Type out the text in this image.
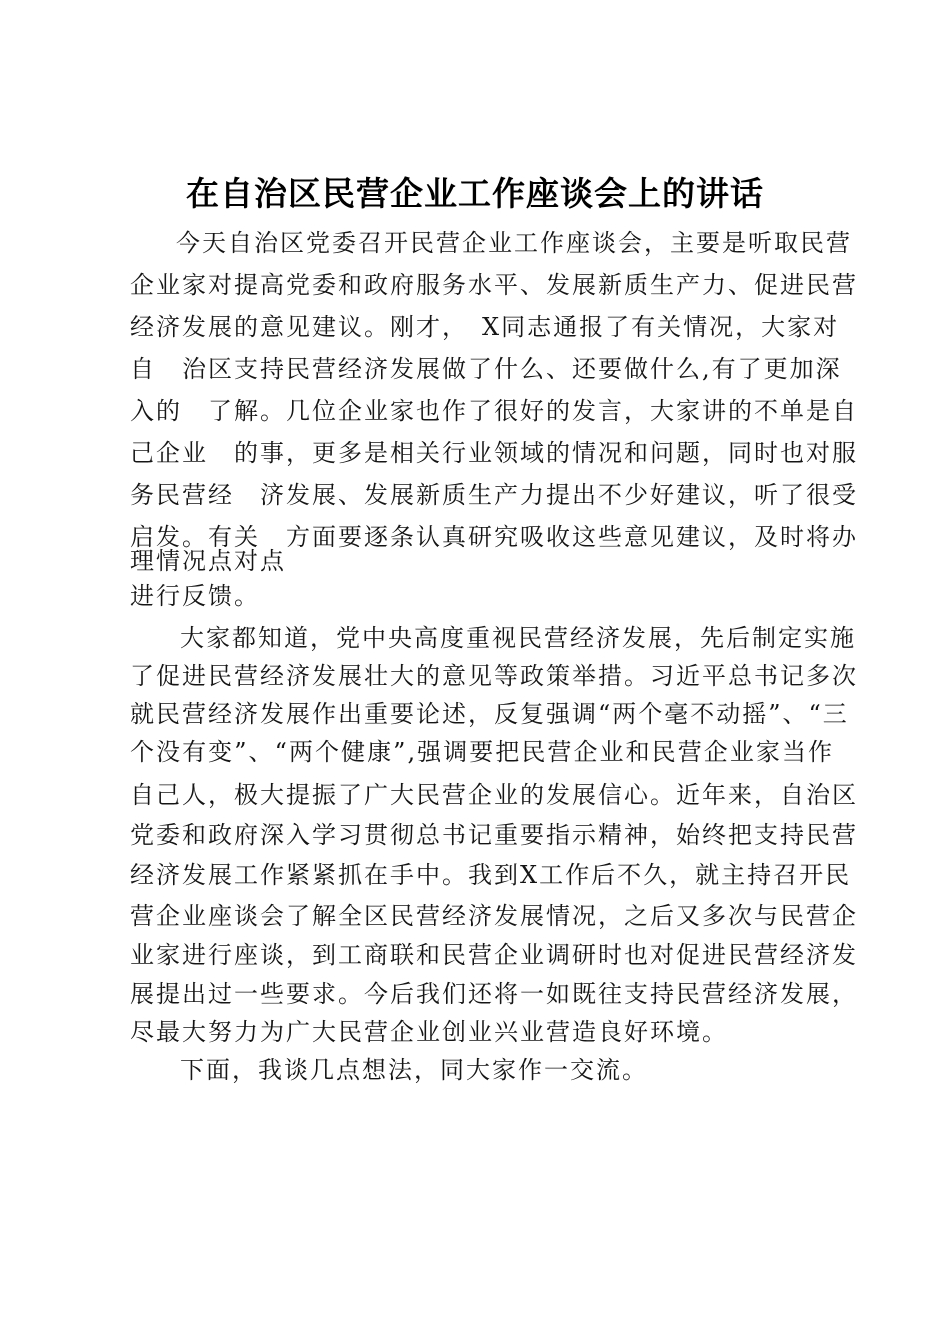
在自治区民营企业工作座谈会上的讲话

今天自治区党委召开民营企业工作座谈会，主要是听取民营

企业家对提高党委和政府服务水平、发展新质生产力、促进民营

经济发展的意见建议。刚才，　X同志通报了有关情况，大家对

自　治区支持民营经济发展做了什么、还要做什么,有了更加深

入的　了解。几位企业家也作了很好的发言，大家讲的不单是自

己企业　的事，更多是相关行业领域的情况和问题，同时也对服

务民营经　济发展、发展新质生产力提出不少好建议，听了很受

启发。有关　方面要逐条认真研究吸收这些意见建议，及时将办

理情况点对点

进行反馈。

大家都知道，党中央高度重视民营经济发展，先后制定实施

了促进民营经济发展壮大的意见等政策举措。习近平总书记多次

就民营经济发展作出重要论述，反复强调“两个毫不动摇”、“三

个没有变”、“两个健康”,强调要把民营企业和民营企业家当作

自己人，极大提振了广大民营企业的发展信心。近年来，自治区

党委和政府深入学习贯彻总书记重要指示精神，始终把支持民营

经济发展工作紧紧抓在手中。我到X工作后不久，就主持召开民

营企业座谈会了解全区民营经济发展情况，之后又多次与民营企

业家进行座谈，到工商联和民营企业调研时也对促进民营经济发

展提出过一些要求。今后我们还将一如既往支持民营经济发展，

尽最大努力为广大民营企业创业兴业营造良好环境。

下面，我谈几点想法，同大家作一交流。
